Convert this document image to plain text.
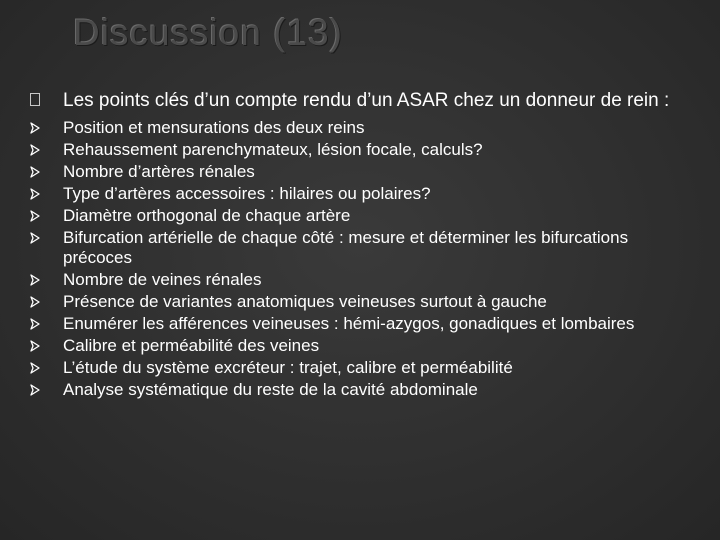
Discussion (13)
Les points clés d’un compte rendu d’un ASAR chez un donneur de rein :
Position et mensurations des deux reins
Rehaussement parenchymateux, lésion focale, calculs?
Nombre d’artères rénales
Type d’artères accessoires : hilaires ou polaires?
Diamètre orthogonal de chaque artère
Bifurcation artérielle de chaque côté : mesure et déterminer les bifurcations précoces
Nombre de veines rénales
Présence de variantes anatomiques veineuses surtout à gauche
Enumérer les afférences veineuses : hémi-azygos, gonadiques et lombaires
Calibre et perméabilité des veines
L’étude du système excréteur : trajet, calibre et perméabilité
Analyse systématique du reste de la cavité abdominale
